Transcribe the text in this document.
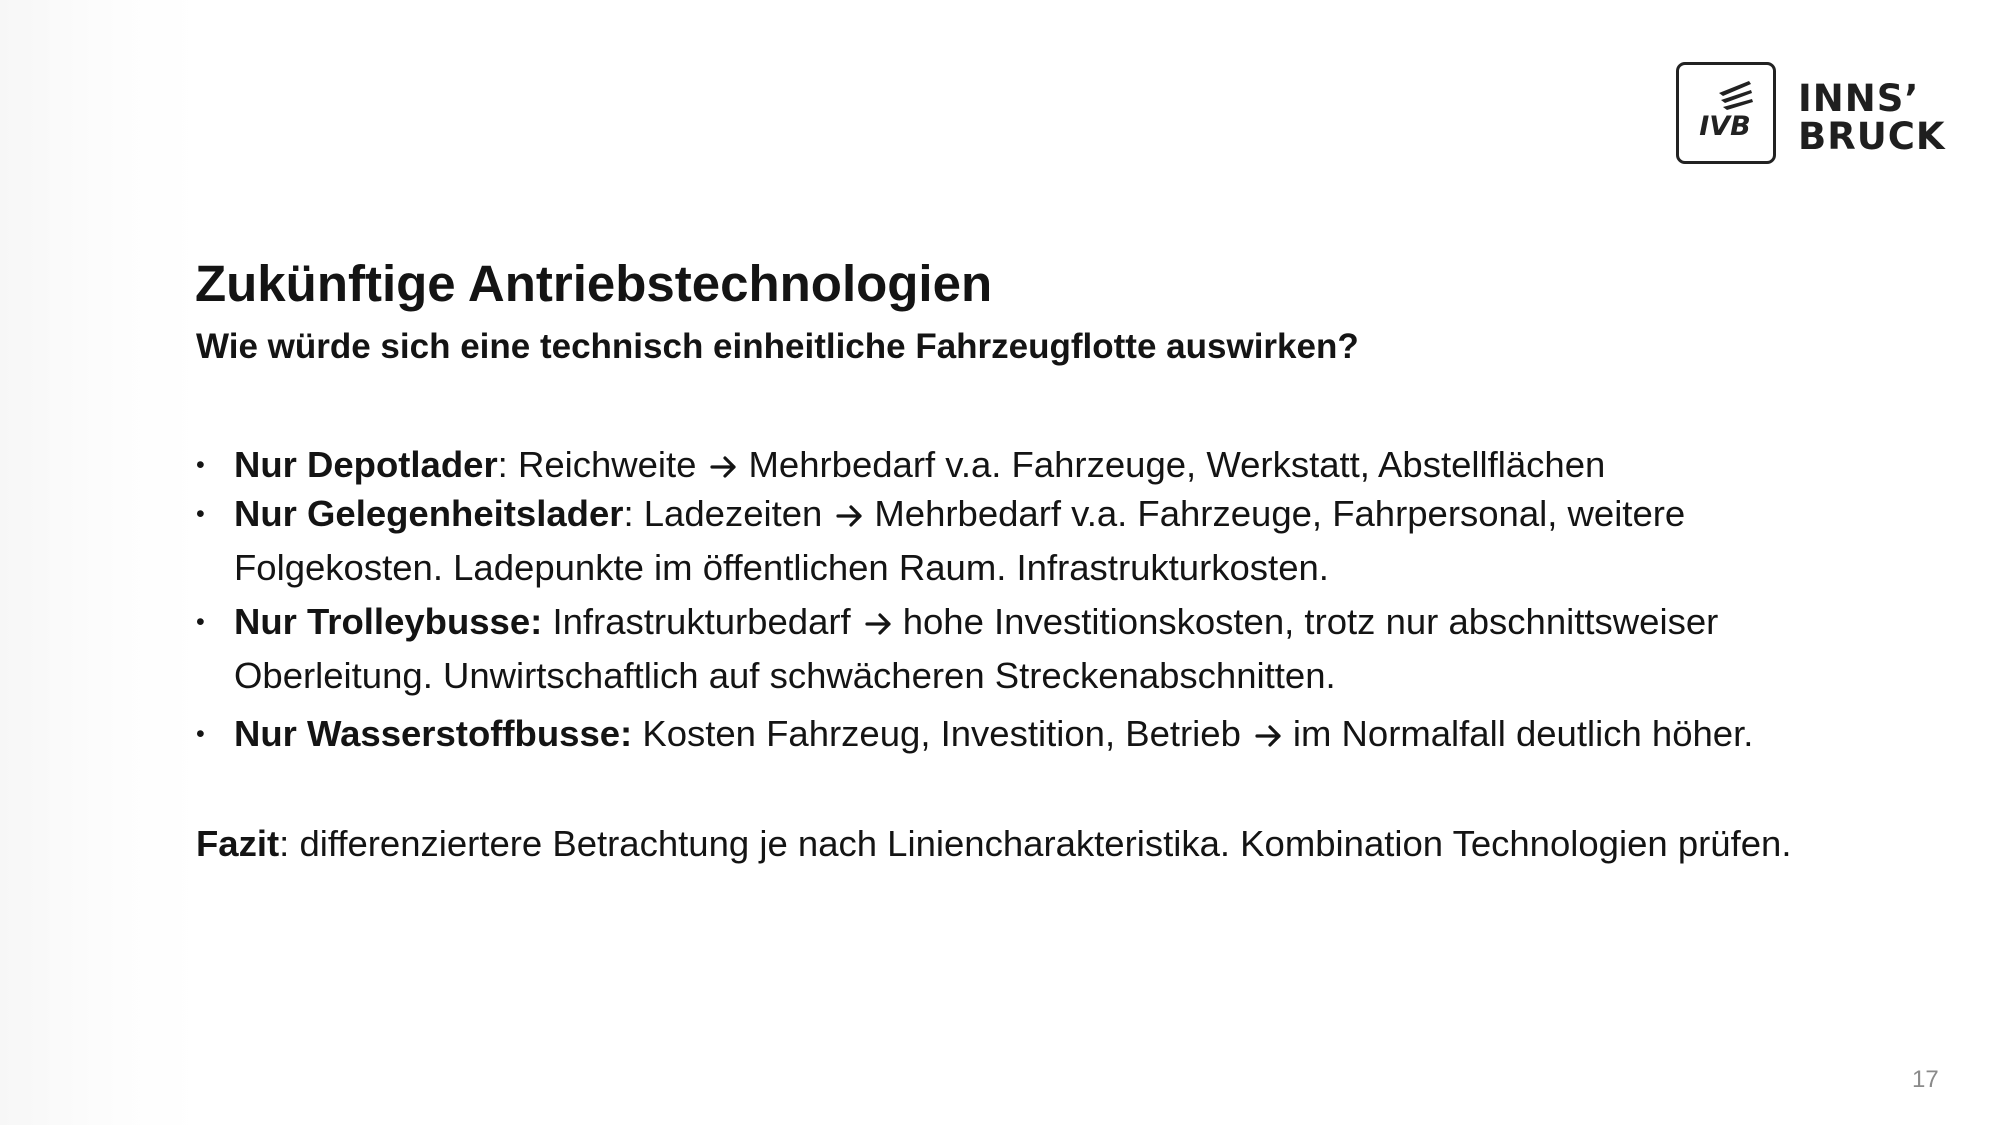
IVB
INNS’
BRUCK
Zukünftige Antriebstechnologien
Wie würde sich eine technisch einheitliche Fahrzeugflotte auswirken?
• Nur Depotlader: Reichweite Mehrbedarf v.a. Fahrzeuge, Werkstatt, Abstellflächen
• Nur Gelegenheitslader: Ladezeiten Mehrbedarf v.a. Fahrzeuge, Fahrpersonal, weitere Folgekosten. Ladepunkte im öffentlichen Raum. Infrastrukturkosten.
• Nur Trolleybusse: Infrastrukturbedarf hohe Investitionskosten, trotz nur abschnittsweiser Oberleitung. Unwirtschaftlich auf schwächeren Streckenabschnitten.
• Nur Wasserstoffbusse: Kosten Fahrzeug, Investition, Betrieb im Normalfall deutlich höher.

Fazit: differenziertere Betrachtung je nach Liniencharakteristika. Kombination Technologien prüfen.

17
